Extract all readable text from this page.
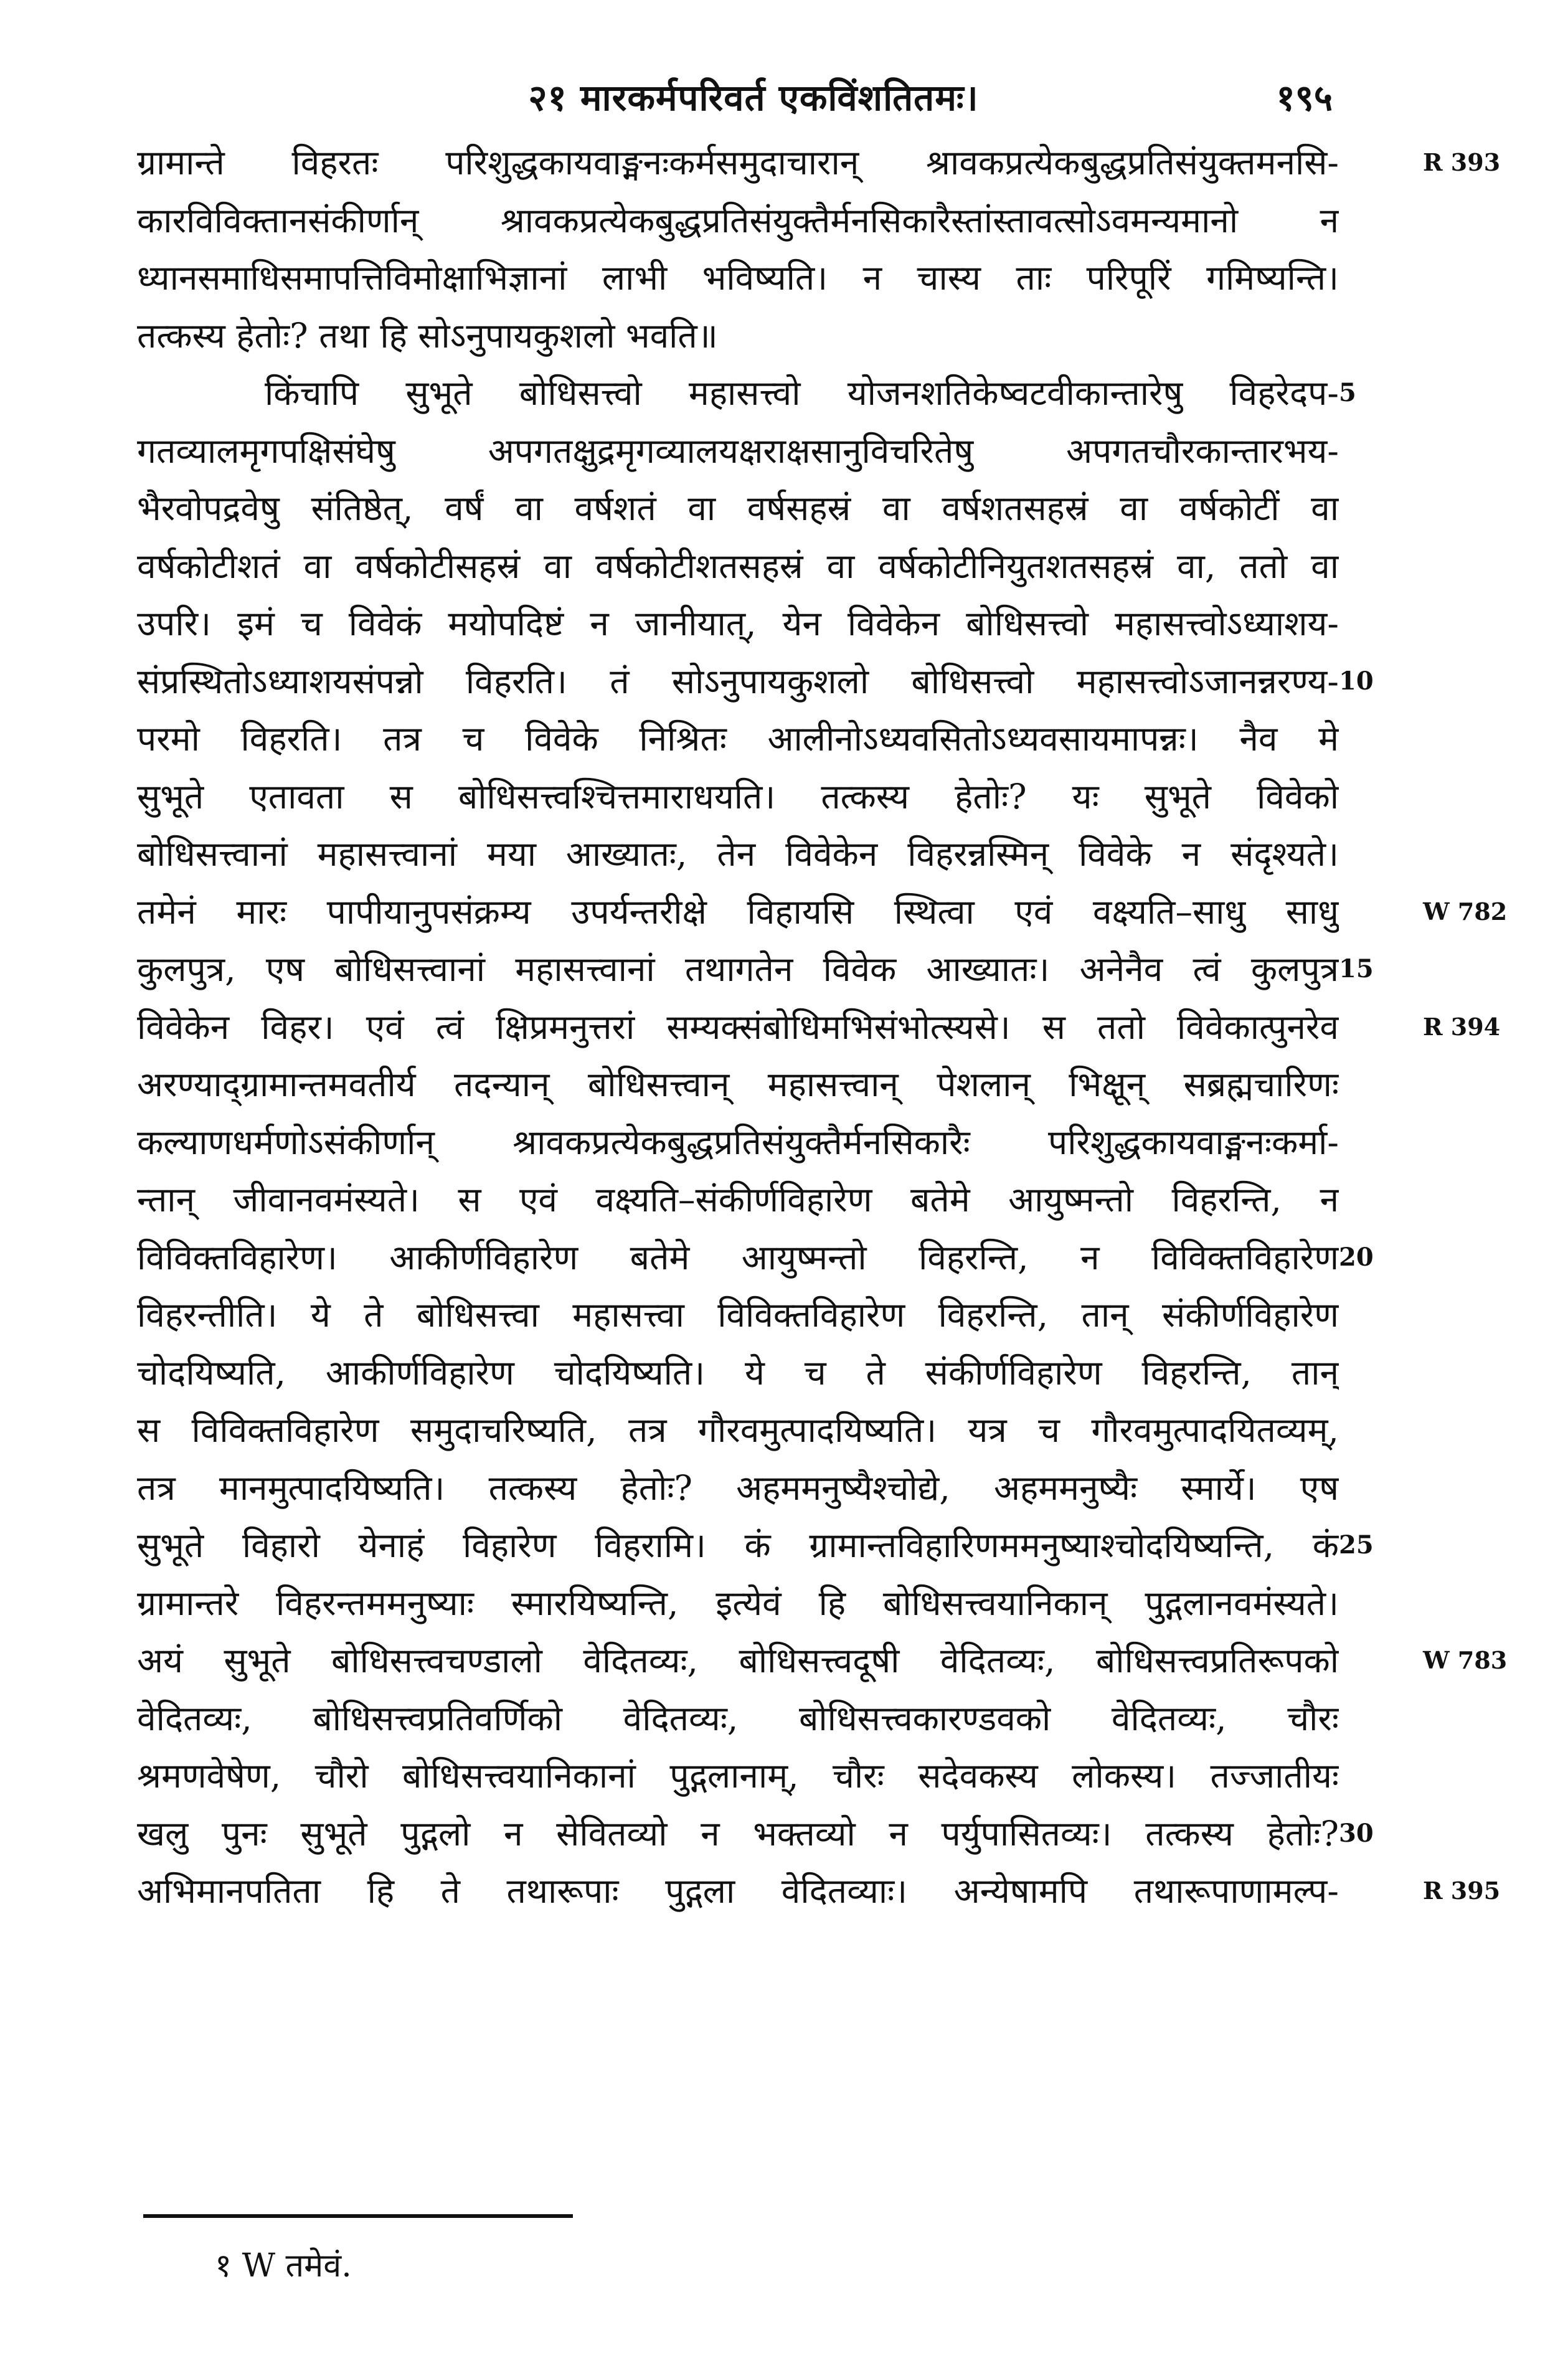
२१ मारकर्मपरिवर्त एकविंशतितमः।	१९५
ग्रामान्ते विहरतः परिशुद्धकायवाङ्मनःकर्मसमुदाचारान् श्रावकप्रत्येकबुद्धप्रतिसंयुक्तमनसि-
कारविविक्तानसंकीर्णान् श्रावकप्रत्येकबुद्धप्रतिसंयुक्तैर्मनसिकारैस्तांस्तावत्सोऽवमन्यमानो न
ध्यानसमाधिसमापत्तिविमोक्षाभिज्ञानां लाभी भविष्यति। न चास्य ताः परिपूरिं गमिष्यन्ति।
तत्कस्य हेतोः? तथा हि सोऽनुपायकुशलो भवति॥
किंचापि सुभूते बोधिसत्त्वो महासत्त्वो योजनशतिकेष्वटवीकान्तारेषु विहरेदप-
गतव्यालमृगपक्षिसंघेषु अपगतक्षुद्रमृगव्यालयक्षराक्षसानुविचरितेषु अपगतचौरकान्तारभय-
भैरवोपद्रवेषु संतिष्ठेत्, वर्षं वा वर्षशतं वा वर्षसहस्रं वा वर्षशतसहस्रं वा वर्षकोटीं वा
वर्षकोटीशतं वा वर्षकोटीसहस्रं वा वर्षकोटीशतसहस्रं वा वर्षकोटीनियुतशतसहस्रं वा, ततो वा
उपरि। इमं च विवेकं मयोपदिष्टं न जानीयात्, येन विवेकेन बोधिसत्त्वो महासत्त्वोऽध्याशय-
संप्रस्थितोऽध्याशयसंपन्नो विहरति। तं सोऽनुपायकुशलो बोधिसत्त्वो महासत्त्वोऽजानन्नरण्य-
परमो विहरति। तत्र च विवेके निश्रितः आलीनोऽध्यवसितोऽध्यवसायमापन्नः। नैव मे
सुभूते एतावता स बोधिसत्त्वश्चित्तमाराधयति। तत्कस्य हेतोः? यः सुभूते विवेको
बोधिसत्त्वानां महासत्त्वानां मया आख्यातः, तेन विवेकेन विहरन्नस्मिन् विवेके न संदृश्यते।
तमेनं मारः पापीयानुपसंक्रम्य उपर्यन्तरीक्षे विहायसि स्थित्वा एवं वक्ष्यति–साधु साधु
कुलपुत्र, एष बोधिसत्त्वानां महासत्त्वानां तथागतेन विवेक आख्यातः। अनेनैव त्वं कुलपुत्र
विवेकेन विहर। एवं त्वं क्षिप्रमनुत्तरां सम्यक्संबोधिमभिसंभोत्स्यसे। स ततो विवेकात्पुनरेव
अरण्याद्ग्रामान्तमवतीर्य तदन्यान् बोधिसत्त्वान् महासत्त्वान् पेशलान् भिक्षून् सब्रह्मचारिणः
कल्याणधर्मणोऽसंकीर्णान् श्रावकप्रत्येकबुद्धप्रतिसंयुक्तैर्मनसिकारैः परिशुद्धकायवाङ्मनःकर्मा-
न्तान् जीवानवमंस्यते। स एवं वक्ष्यति–संकीर्णविहारेण बतेमे आयुष्मन्तो विहरन्ति, न
विविक्तविहारेण। आकीर्णविहारेण बतेमे आयुष्मन्तो विहरन्ति, न विविक्तविहारेण
विहरन्तीति। ये ते बोधिसत्त्वा महासत्त्वा विविक्तविहारेण विहरन्ति, तान् संकीर्णविहारेण
चोदयिष्यति, आकीर्णविहारेण चोदयिष्यति। ये च ते संकीर्णविहारेण विहरन्ति, तान्
स विविक्तविहारेण समुदाचरिष्यति, तत्र गौरवमुत्पादयिष्यति। यत्र च गौरवमुत्पादयितव्यम्,
तत्र मानमुत्पादयिष्यति। तत्कस्य हेतोः? अहममनुष्यैश्चोद्ये, अहममनुष्यैः स्मार्ये। एष
सुभूते विहारो येनाहं विहारेण विहरामि। कं ग्रामान्तविहारिणममनुष्याश्चोदयिष्यन्ति, कं
ग्रामान्तरे विहरन्तममनुष्याः स्मारयिष्यन्ति, इत्येवं हि बोधिसत्त्वयानिकान् पुद्गलानवमंस्यते।
अयं सुभूते बोधिसत्त्वचण्डालो वेदितव्यः, बोधिसत्त्वदूषी वेदितव्यः, बोधिसत्त्वप्रतिरूपको
वेदितव्यः, बोधिसत्त्वप्रतिवर्णिको वेदितव्यः, बोधिसत्त्वकारण्डवको वेदितव्यः, चौरः
श्रमणवेषेण, चौरो बोधिसत्त्वयानिकानां पुद्गलानाम्, चौरः सदेवकस्य लोकस्य। तज्जातीयः
खलु पुनः सुभूते पुद्गलो न सेवितव्यो न भक्तव्यो न पर्युपासितव्यः। तत्कस्य हेतोः?
अभिमानपतिता हि ते तथारूपाः पुद्गला वेदितव्याः। अन्येषामपि तथारूपाणामल्प-
5
10
15
20
25
30
R 393
W 782
R 394
W 783
R 395
१ W तमेवं.
